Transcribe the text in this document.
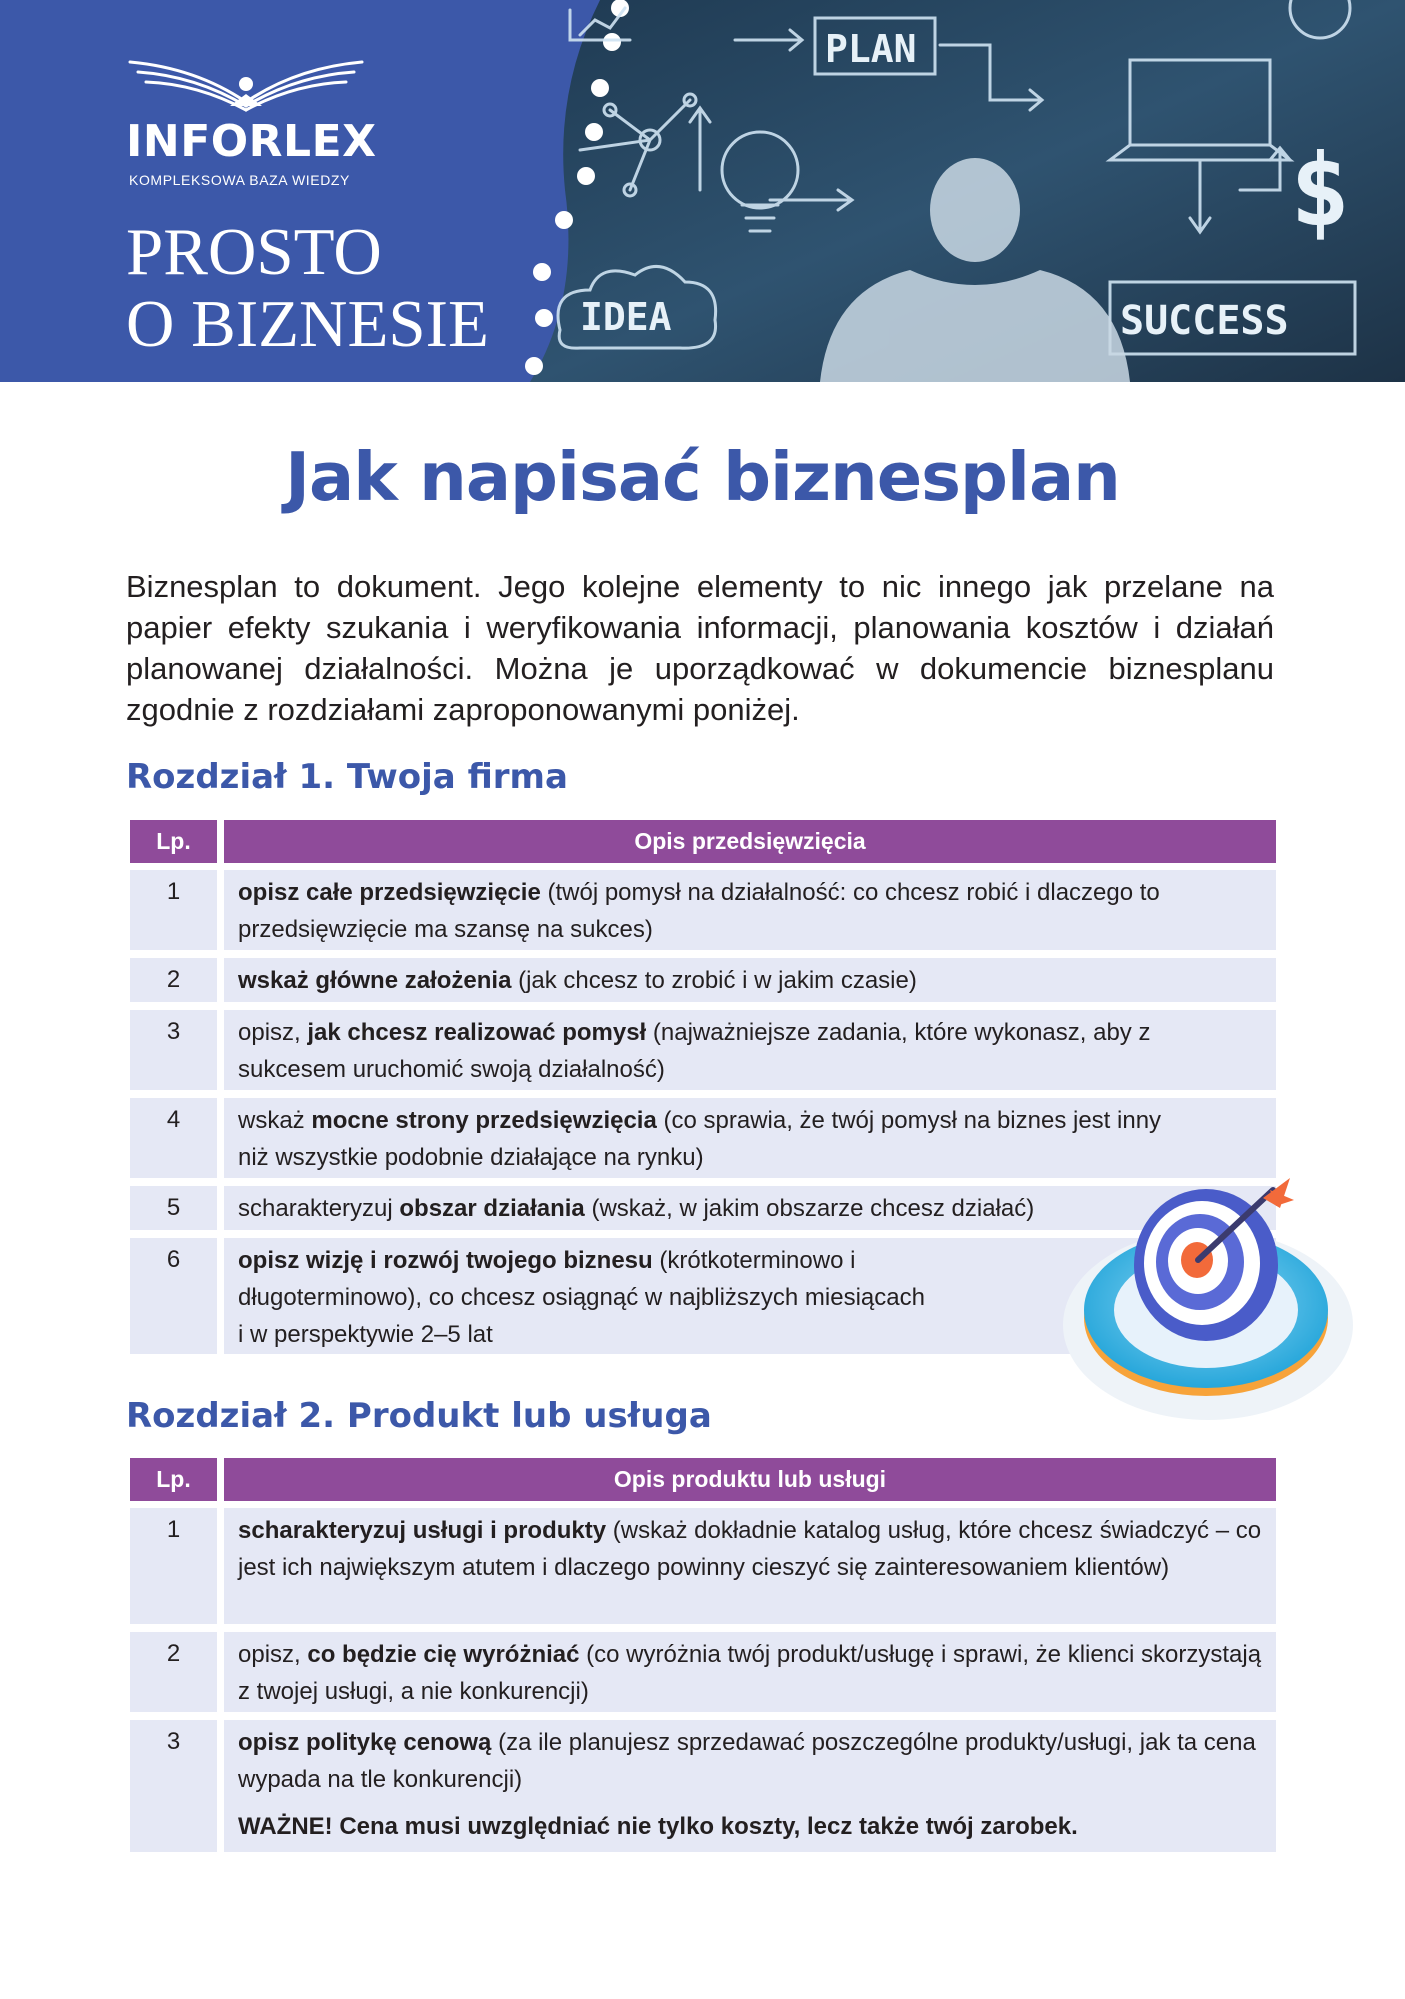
PLAN
IDEA	SUCCESS
$
INFORLEX
KOMPLEKSOWA BAZA WIEDZY
PROSTO
O BIZNESIE
Jak napisać biznesplan

Biznesplan to dokument. Jego kolejne elementy to nic innego jak przelane na papier efekty szukania i weryfikowania informacji, planowania kosztów i działań planowanej działalności. Można je uporządkować w dokumencie biznesplanu zgodnie z rozdziałami zaproponowanymi poniżej.

Rozdział 1. Twoja firma
Lp.	Opis przedsięwzięcia
1	opisz całe przedsięwzięcie (twój pomysł na działalność: co chcesz robić i dlaczego to przedsięwzięcie ma szansę na sukces)
2	wskaż główne założenia (jak chcesz to zrobić i w jakim czasie)
3	opisz, jak chcesz realizować pomysł (najważniejsze zadania, które wykonasz, aby z sukcesem uruchomić swoją działalność)
4	wskaż mocne strony przedsięwzięcia (co sprawia, że twój pomysł na biznes jest inny niż wszystkie podobnie działające na rynku)
5	scharakteryzuj obszar działania (wskaż, w jakim obszarze chcesz działać)
6	opisz wizję i rozwój twojego biznesu (krótkoterminowo i długoterminowo), co chcesz osiągnąć w najbliższych miesiącach i w perspektywie 2–5 lat
Rozdział 2. Produkt lub usługa
Lp.	Opis produktu lub usługi
1	scharakteryzuj usługi i produkty (wskaż dokładnie katalog usług, które chcesz świadczyć – co jest ich największym atutem i dlaczego powinny cieszyć się zainteresowaniem klientów)
2	opisz, co będzie cię wyróżniać (co wyróżnia twój produkt/usługę i sprawi, że klienci skorzystają z twojej usługi, a nie konkurencji)
3	opisz politykę cenową (za ile planujesz sprzedawać poszczególne produkty/usługi, jak ta cena wypada na tle konkurencji)
WAŻNE! Cena musi uwzględniać nie tylko koszty, lecz także twój zarobek.
